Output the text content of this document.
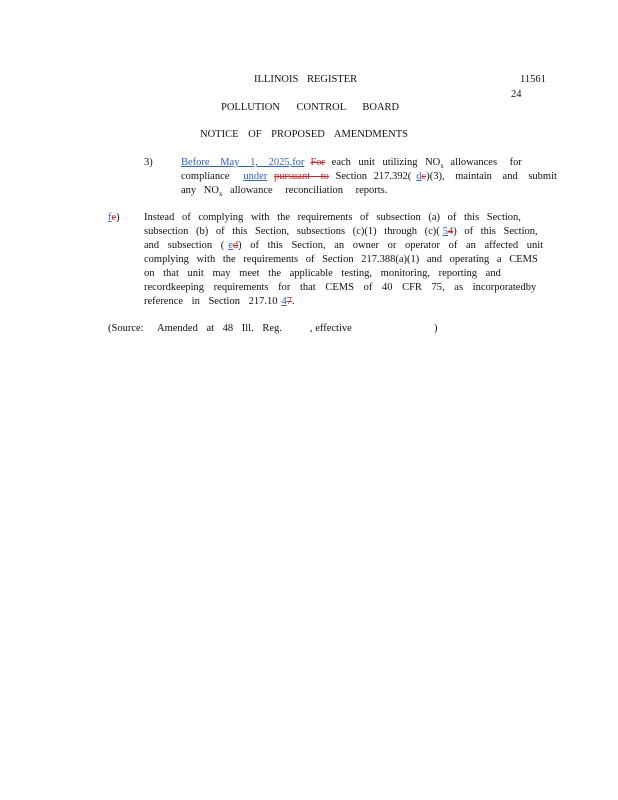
ILLINOIS REGISTER	11561
24
POLLUTION CONTROL BOARD
NOTICE OF PROPOSED AMENDMENTS
3)	Before May 1, 2025,for For each unit utilizing $NO_x$ allowances for
compliance under pursuant to Section 217.392( dc)(3), maintain and submit
any $NO_x$ allowance reconciliation reports.
fe) Instead of complying with the requirements of subsection (a) of this Section,
subsection (b) of this Section, subsections (c)(1) through (c)( 54) of this Section,
and subsection ( ed) of this Section, an owner or operator of an affected unit
complying with the requirements of Section 217.388(a)(1) and operating a CEMS
on that unit may meet the applicable testing, monitoring, reporting and
recordkeeping requirements for that CEMS of 40 CFR 75, as incorporatedby
reference in Section 217.10 47.
(Source: Amended at 48 Ill. Reg.	, effective	)
